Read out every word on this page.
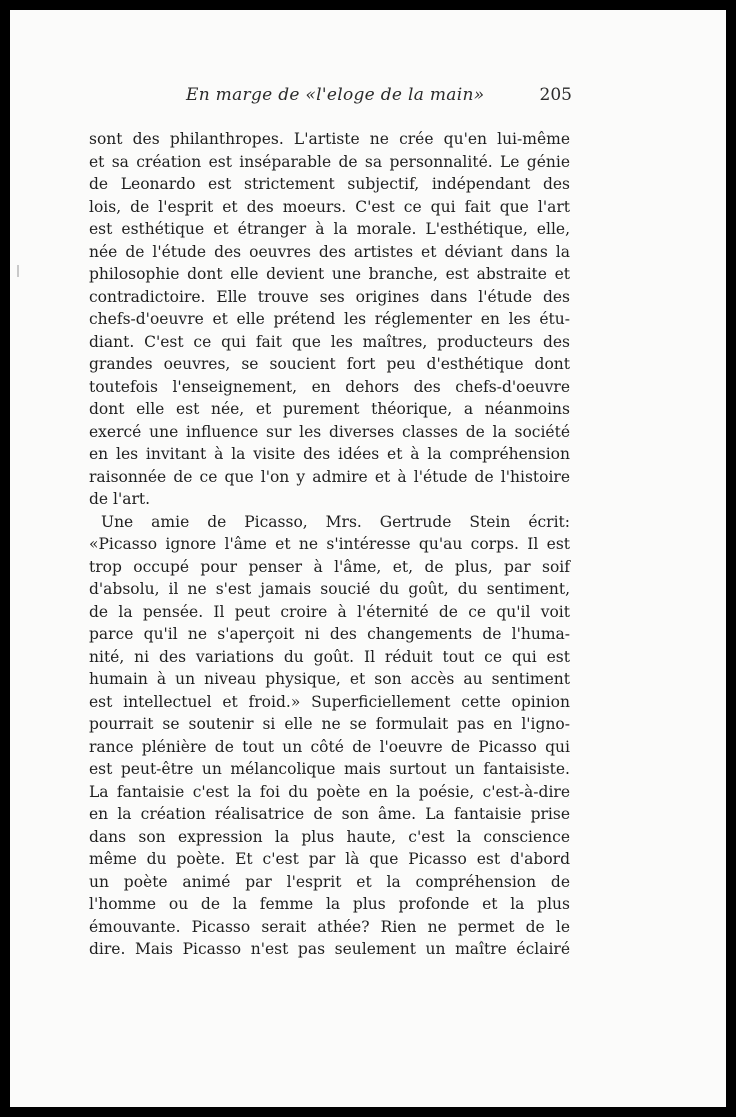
En marge de «l'eloge de la main»	205
sont des philanthropes. L'artiste ne crée qu'en lui-même
et sa création est inséparable de sa personnalité. Le génie
de Leonardo est strictement subjectif, indépendant des
lois, de l'esprit et des moeurs. C'est ce qui fait que l'art
est esthétique et étranger à la morale. L'esthétique, elle,
née de l'étude des oeuvres des artistes et déviant dans la
philosophie dont elle devient une branche, est abstraite et
contradictoire. Elle trouve ses origines dans l'étude des
chefs-d'oeuvre et elle prétend les réglementer en les étu-
diant. C'est ce qui fait que les maîtres, producteurs des
grandes oeuvres, se soucient fort peu d'esthétique dont
toutefois l'enseignement, en dehors des chefs-d'oeuvre
dont elle est née, et purement théorique, a néanmoins
exercé une influence sur les diverses classes de la société
en les invitant à la visite des idées et à la compréhension
raisonnée de ce que l'on y admire et à l'étude de l'histoire
de l'art.
Une amie de Picasso, Mrs. Gertrude Stein écrit:
«Picasso ignore l'âme et ne s'intéresse qu'au corps. Il est
trop occupé pour penser à l'âme, et, de plus, par soif
d'absolu, il ne s'est jamais soucié du goût, du sentiment,
de la pensée. Il peut croire à l'éternité de ce qu'il voit
parce qu'il ne s'aperçoit ni des changements de l'huma-
nité, ni des variations du goût. Il réduit tout ce qui est
humain à un niveau physique, et son accès au sentiment
est intellectuel et froid.» Superficiellement cette opinion
pourrait se soutenir si elle ne se formulait pas en l'igno-
rance plénière de tout un côté de l'oeuvre de Picasso qui
est peut-être un mélancolique mais surtout un fantaisiste.
La fantaisie c'est la foi du poète en la poésie, c'est-à-dire
en la création réalisatrice de son âme. La fantaisie prise
dans son expression la plus haute, c'est la conscience
même du poète. Et c'est par là que Picasso est d'abord
un poète animé par l'esprit et la compréhension de
l'homme ou de la femme la plus profonde et la plus
émouvante. Picasso serait athée? Rien ne permet de le
dire. Mais Picasso n'est pas seulement un maître éclairé
